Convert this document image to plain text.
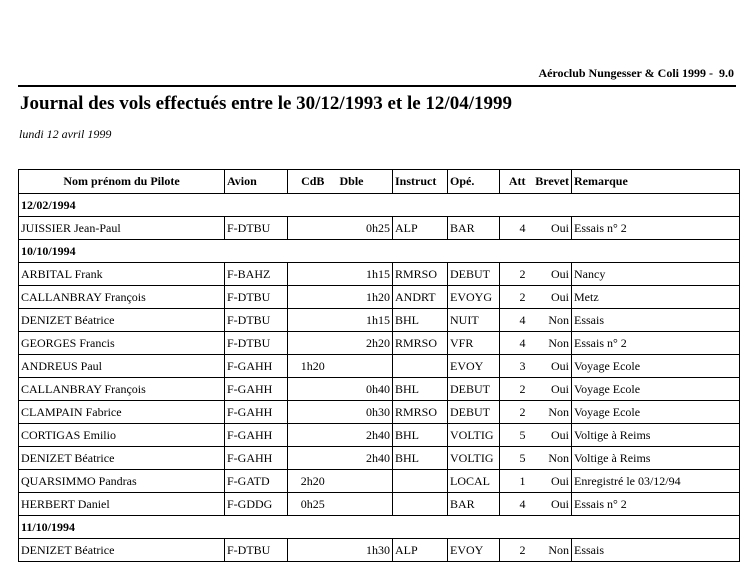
Aéroclub Nungesser & Coli 1999 -  9.0
Journal des vols effectués entre le 30/12/1993 et le 12/04/1999
lundi 12 avril 1999
Nom prénom du Pilote	Avion	CdB	Dble	Instruct	Opé.	Att	Brevet	Remarque
12/02/1994								
JUISSIER Jean-Paul	F-DTBU		0h25	ALP	BAR	4	Oui	Essais n° 2
10/10/1994								
ARBITAL Frank	F-BAHZ		1h15	RMRSO	DEBUT	2	Oui	Nancy
CALLANBRAY François	F-DTBU		1h20	ANDRT	EVOYG	2	Oui	Metz
DENIZET Béatrice	F-DTBU		1h15	BHL	NUIT	4	Non	Essais
GEORGES Francis	F-DTBU		2h20	RMRSO	VFR	4	Non	Essais n° 2
ANDREUS Paul	F-GAHH	1h20			EVOY	3	Oui	Voyage Ecole
CALLANBRAY François	F-GAHH		0h40	BHL	DEBUT	2	Oui	Voyage Ecole
CLAMPAIN Fabrice	F-GAHH		0h30	RMRSO	DEBUT	2	Non	Voyage Ecole
CORTIGAS Emilio	F-GAHH		2h40	BHL	VOLTIG	5	Oui	Voltige à Reims
DENIZET Béatrice	F-GAHH		2h40	BHL	VOLTIG	5	Non	Voltige à Reims
QUARSIMMO Pandras	F-GATD	2h20			LOCAL	1	Oui	Enregistré le 03/12/94
HERBERT Daniel	F-GDDG	0h25			BAR	4	Oui	Essais n° 2
11/10/1994								
DENIZET Béatrice	F-DTBU		1h30	ALP	EVOY	2	Non	Essais
